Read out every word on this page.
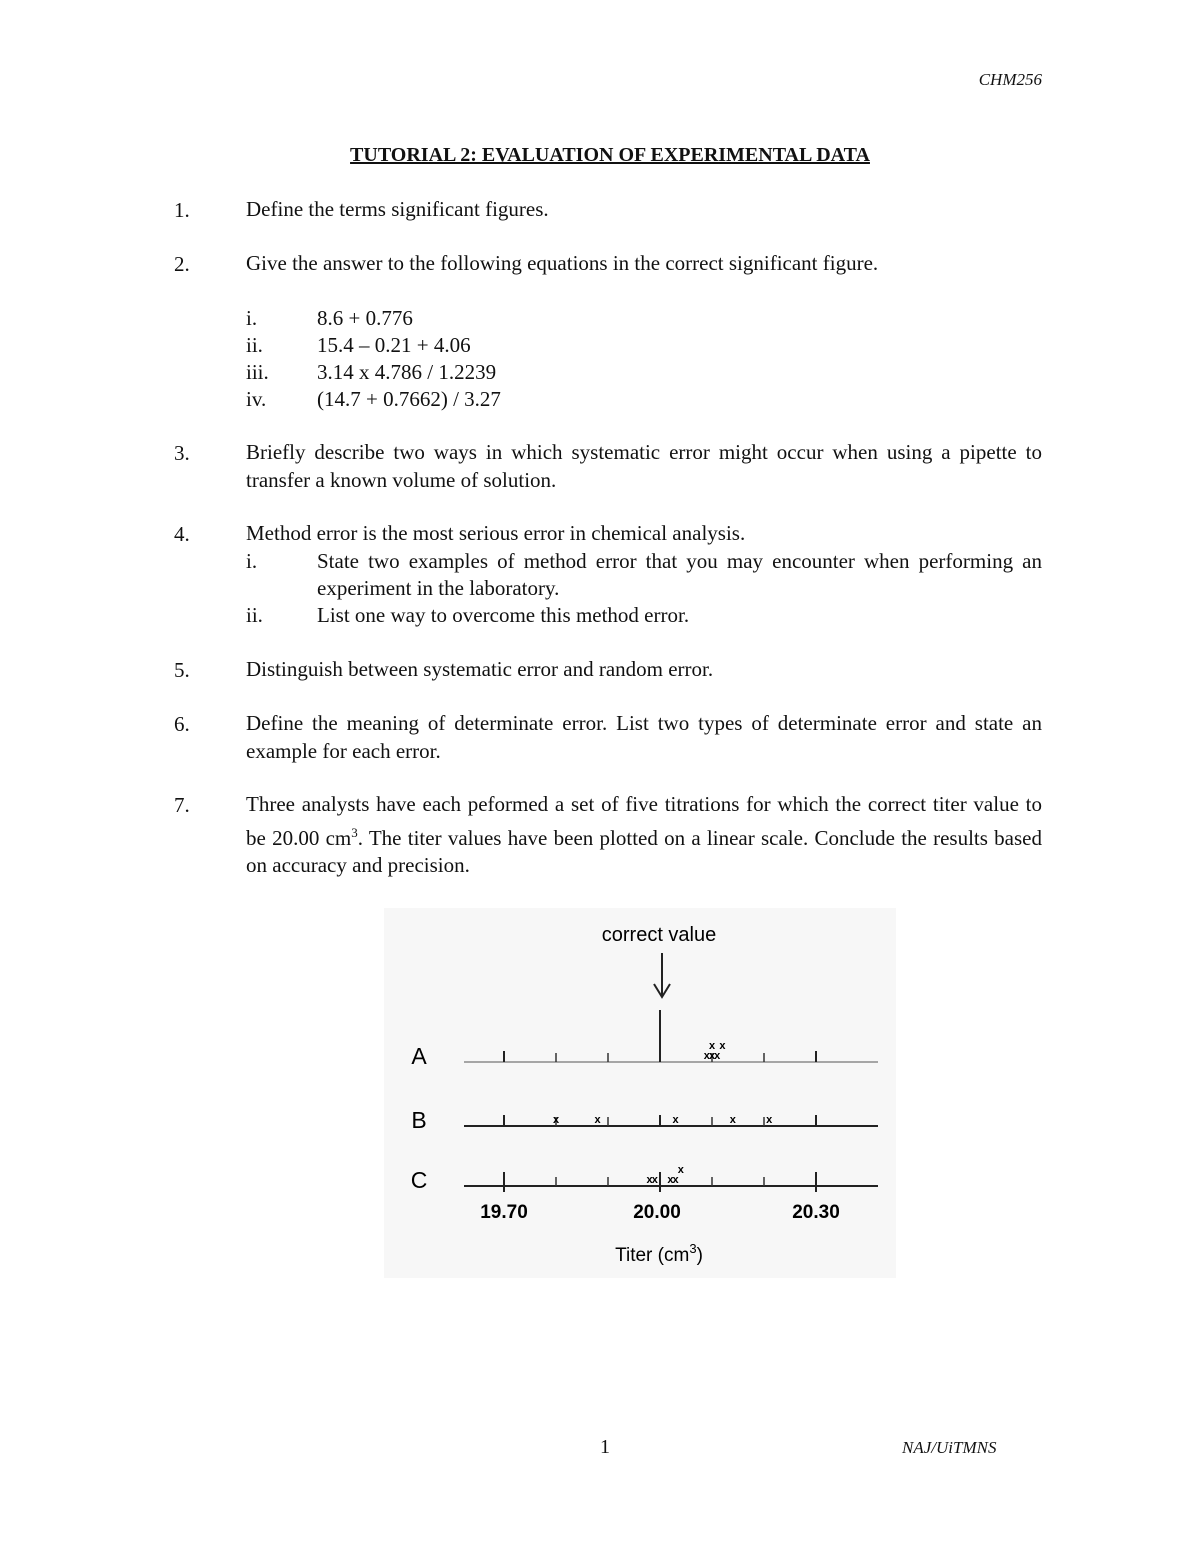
CHM256
TUTORIAL 2: EVALUATION OF EXPERIMENTAL DATA
1.	Define the terms significant figures.
2.	Give the answer to the following equations in the correct significant figure.
i.	8.6 + 0.776
ii.	15.4 – 0.21 + 4.06
iii. 3.14 x 4.786 / 1.2239
iv. (14.7 + 0.7662) / 3.27
3.	Briefly describe two ways in which systematic error might occur when using a pipette to transfer a known volume of solution.
4.	Method error is the most serious error in chemical analysis.
i.	State two examples of method error that you may encounter when performing an experiment in the laboratory.
ii.	List one way to overcome this method error.
5.	Distinguish between systematic error and random error.
6.	Define the meaning of determinate error. List two types of determinate error and state an example for each error.
7.	Three analysts have each peformed a set of five titrations for which the correct titer value to be 20.00 $cm^3$. The titer values have been plotted on a linear scale. Conclude the results based on accuracy and precision.
correct value
A	x x x
x x
B	x	x	x	x	x
C	x x x x
x
19.70	20.00	20.30
Titer $(cm^3)$
1	NAJ/UiTMNS
